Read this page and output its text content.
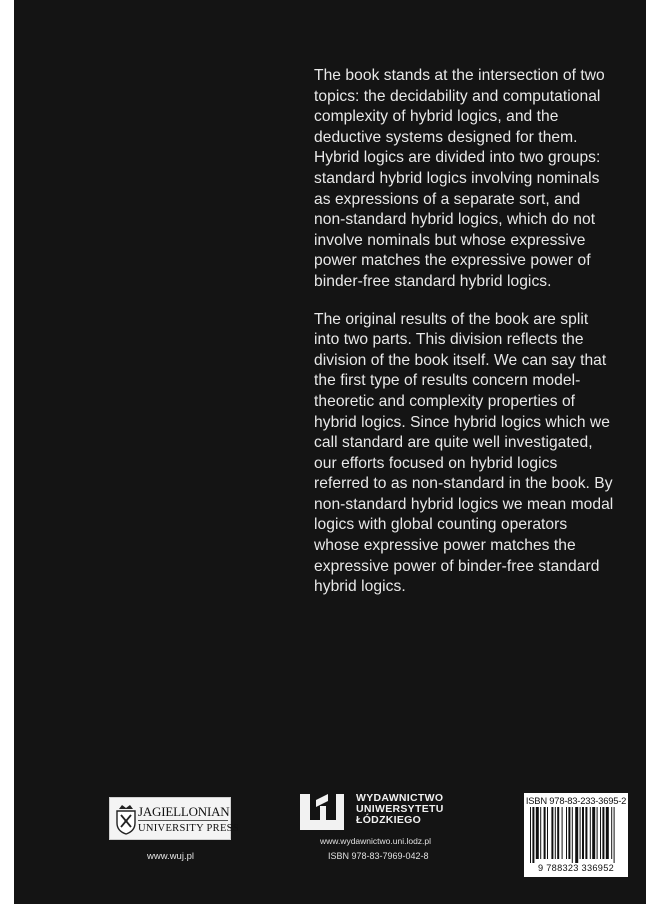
The book stands at the intersection of two topics: the decidability and computational complexity of hybrid logics, and the deductive systems designed for them. Hybrid logics are divided into two groups: standard hybrid logics involving nominals as expressions of a separate sort, and non-standard hybrid logics, which do not involve nominals but whose expressive power matches the expressive power of binder-free standard hybrid logics.

The original results of the book are split into two parts. This division reflects the division of the book itself. We can say that the first type of results concern model-theoretic and complexity properties of hybrid logics. Since hybrid logics which we call standard are quite well investigated, our efforts focused on hybrid logics referred to as non-standard in the book. By non-standard hybrid logics we mean modal logics with global counting operators whose expressive power matches the expressive power of binder-free standard hybrid logics.

JAGIELLONIAN
UNIVERSITY PRESS
www.wuj.pl
WYDAWNICTWO
UNIWERSYTETU
ŁÓDZKIEGO
www.wydawnictwo.uni.lodz.pl
ISBN 978-83-7969-042-8
ISBN 978-83-233-3695-2
9 788323 336952
